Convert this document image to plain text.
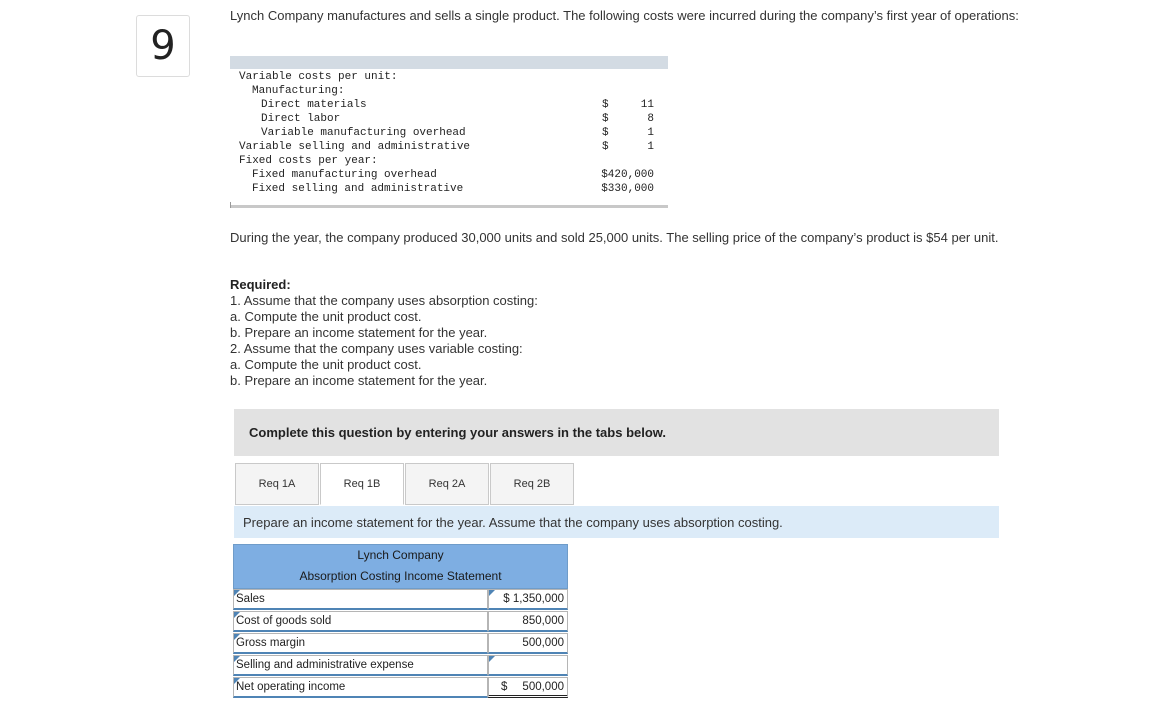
9
Lynch Company manufactures and sells a single product. The following costs were incurred during the company’s first year of operations:
Variable costs per unit:
Manufacturing:
Direct materials	$	11
Direct labor	$	8
Variable manufacturing overhead	$	1
Variable selling and administrative	$	1
Fixed costs per year:
Fixed manufacturing overhead	$420,000
Fixed selling and administrative	$330,000
During the year, the company produced 30,000 units and sold 25,000 units. The selling price of the company’s product is $54 per unit.
Required:
1. Assume that the company uses absorption costing:
a. Compute the unit product cost.
b. Prepare an income statement for the year.
2. Assume that the company uses variable costing:
a. Compute the unit product cost.
b. Prepare an income statement for the year.
Complete this question by entering your answers in the tabs below.
Req 1A	Req 1B	Req 2A	Req 2B
Prepare an income statement for the year. Assume that the company uses absorption costing.
Lynch Company
Absorption Costing Income Statement
Sales	$ 1,350,000
Cost of goods sold	850,000
Gross margin	500,000
Selling and administrative expense
Net operating income	$ 500,000
